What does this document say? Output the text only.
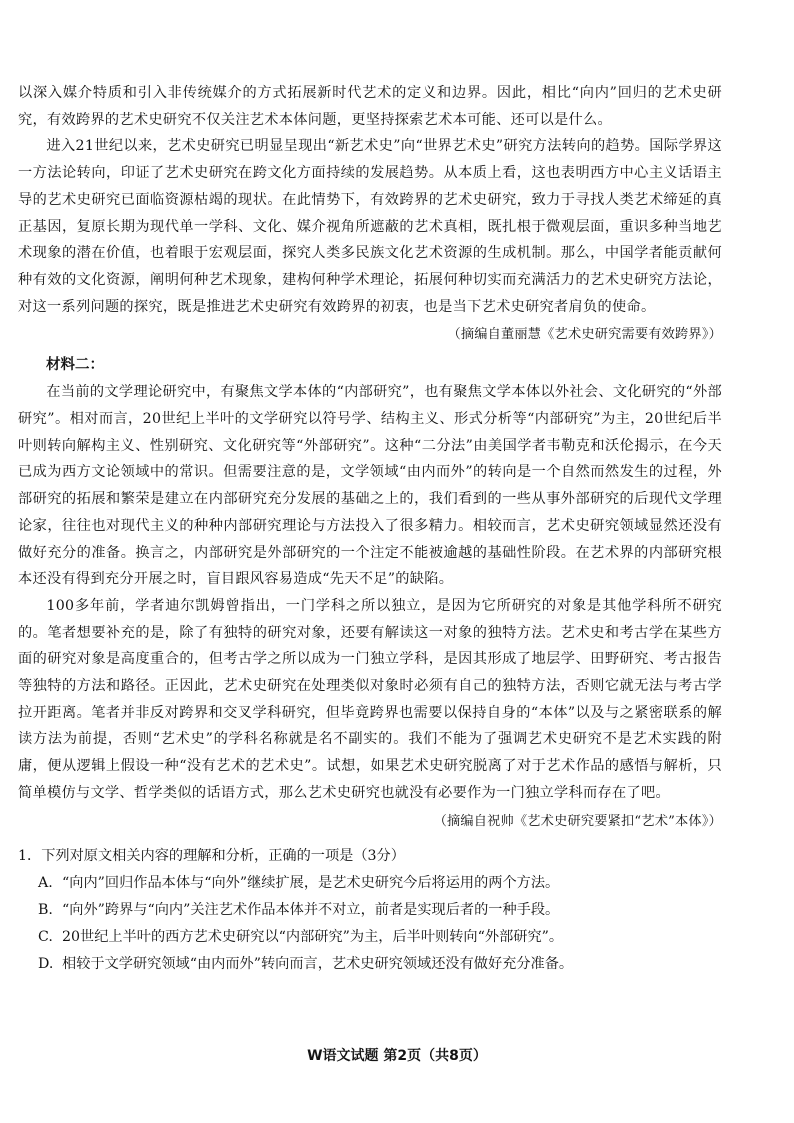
以深入媒介特质和引入非传统媒介的方式拓展新时代艺术的定义和边界。因此，相比“向内”回归的艺术史研究，有效跨界的艺术史研究不仅关注艺术本体问题，更坚持探索艺术本可能、还可以是什么。

进入21世纪以来，艺术史研究已明显呈现出“新艺术史”向“世界艺术史”研究方法转向的趋势。国际学界这一方法论转向，印证了艺术史研究在跨文化方面持续的发展趋势。从本质上看，这也表明西方中心主义话语主导的艺术史研究已面临资源枯竭的现状。在此情势下，有效跨界的艺术史研究，致力于寻找人类艺术缔延的真正基因，复原长期为现代单一学科、文化、媒介视角所遮蔽的艺术真相，既扎根于微观层面，重识多种当地艺术现象的潜在价值，也着眼于宏观层面，探究人类多民族文化艺术资源的生成机制。那么，中国学者能贡献何种有效的文化资源，阐明何种艺术现象，建构何种学术理论，拓展何种切实而充满活力的艺术史研究方法论，对这一系列问题的探究，既是推进艺术史研究有效跨界的初衷，也是当下艺术史研究者肩负的使命。

（摘编自董丽慧《艺术史研究需要有效跨界》）

材料二：

在当前的文学理论研究中，有聚焦文学本体的“内部研究”，也有聚焦文学本体以外社会、文化研究的“外部研究”。相对而言，20世纪上半叶的文学研究以符号学、结构主义、形式分析等“内部研究”为主，20世纪后半叶则转向解构主义、性别研究、文化研究等“外部研究”。这种“二分法”由美国学者韦勒克和沃伦揭示，在今天已成为西方文论领域中的常识。但需要注意的是，文学领域“由内而外”的转向是一个自然而然发生的过程，外部研究的拓展和繁荣是建立在内部研究充分发展的基础之上的，我们看到的一些从事外部研究的后现代文学理论家，往往也对现代主义的种种内部研究理论与方法投入了很多精力。相较而言，艺术史研究领域显然还没有做好充分的准备。换言之，内部研究是外部研究的一个注定不能被逾越的基础性阶段。在艺术界的内部研究根本还没有得到充分开展之时，盲目跟风容易造成“先天不足”的缺陷。

100多年前，学者迪尔凯姆曾指出，一门学科之所以独立，是因为它所研究的对象是其他学科所不研究的。笔者想要补充的是，除了有独特的研究对象，还要有解读这一对象的独特方法。艺术史和考古学在某些方面的研究对象是高度重合的，但考古学之所以成为一门独立学科，是因其形成了地层学、田野研究、考古报告等独特的方法和路径。正因此，艺术史研究在处理类似对象时必须有自己的独特方法，否则它就无法与考古学拉开距离。笔者并非反对跨界和交叉学科研究，但毕竟跨界也需要以保持自身的“本体”以及与之紧密联系的解读方法为前提，否则“艺术史”的学科名称就是名不副实的。我们不能为了强调艺术史研究不是艺术实践的附庸，便从逻辑上假设一种“没有艺术的艺术史”。试想，如果艺术史研究脱离了对于艺术作品的感悟与解析，只简单模仿与文学、哲学类似的话语方式，那么艺术史研究也就没有必要作为一门独立学科而存在了吧。

（摘编自祝帅《艺术史研究要紧扣“艺术”本体》）

1．下列对原文相关内容的理解和分析，正确的一项是（3分）

A. “向内”回归作品本体与“向外”继续扩展，是艺术史研究今后将运用的两个方法。
B. “向外”跨界与“向内”关注艺术作品本体并不对立，前者是实现后者的一种手段。
C. 20世纪上半叶的西方艺术史研究以“内部研究”为主，后半叶则转向“外部研究”。
D. 相较于文学研究领域“由内而外”转向而言，艺术史研究领域还没有做好充分准备。
W语文试题 第2页（共8页）
